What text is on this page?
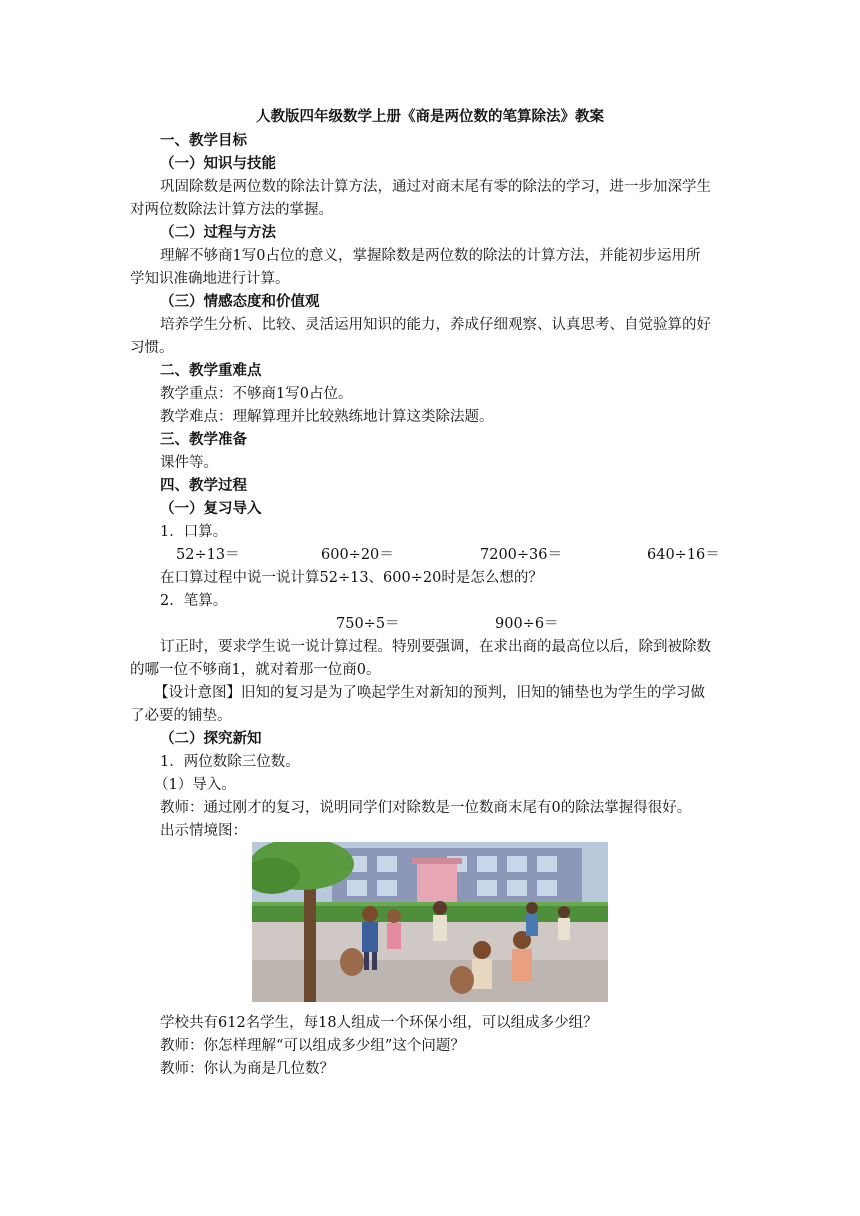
人教版四年级数学上册《商是两位数的笔算除法》教案
一、教学目标
（一）知识与技能
巩固除数是两位数的除法计算方法，通过对商末尾有零的除法的学习，进一步加深学生
对两位数除法计算方法的掌握。
（二）过程与方法
理解不够商1写0占位的意义，掌握除数是两位数的除法的计算方法，并能初步运用所
学知识准确地进行计算。
（三）情感态度和价值观
培养学生分析、比较、灵活运用知识的能力，养成仔细观察、认真思考、自觉验算的好
习惯。
二、教学重难点
教学重点：不够商1写0占位。
教学难点：理解算理并比较熟练地计算这类除法题。
三、教学准备
课件等。
四、教学过程
（一）复习导入
1．口算。
52÷13＝	600÷20＝	7200÷36＝	640÷16＝
在口算过程中说一说计算52÷13、600÷20时是怎么想的？
2．笔算。
750÷5＝	900÷6＝
订正时，要求学生说一说计算过程。特别要强调，在求出商的最高位以后，除到被除数
的哪一位不够商1，就对着那一位商0。
【设计意图】旧知的复习是为了唤起学生对新知的预判，旧知的铺垫也为学生的学习做
了必要的铺垫。
（二）探究新知
1．两位数除三位数。
（1）导入。
教师：通过刚才的复习，说明同学们对除数是一位数商末尾有0的除法掌握得很好。
出示情境图：
学校共有612名学生，每18人组成一个环保小组，可以组成多少组？
教师：你怎样理解“可以组成多少组”这个问题？
教师：你认为商是几位数？
